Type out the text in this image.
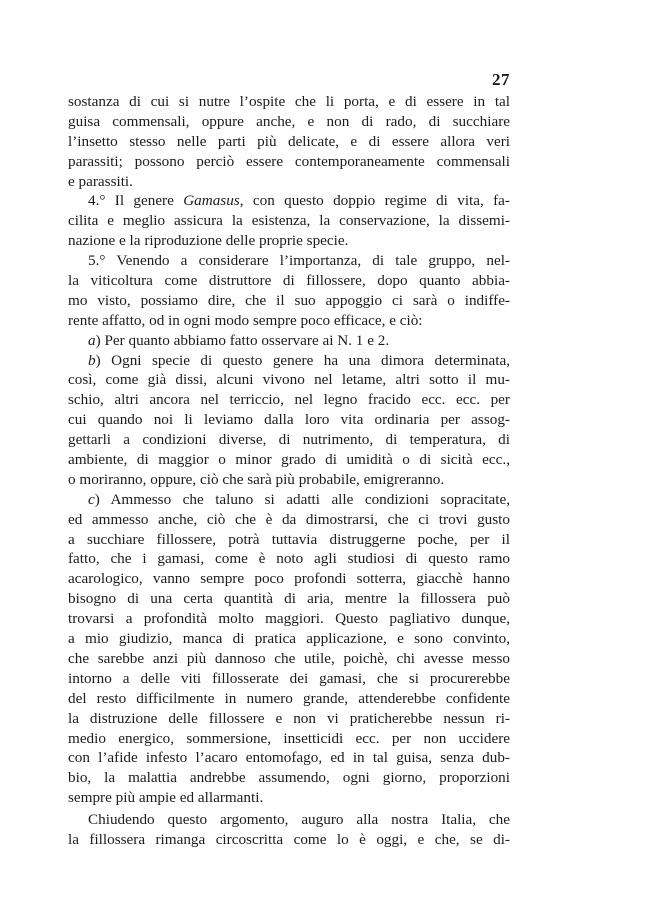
27
sostanza di cui si nutre l’ospite che li porta, e di essere in tal
guisa commensali, oppure anche, e non di rado, di succhiare
l’insetto stesso nelle parti più delicate, e di essere allora veri
parassiti; possono perciò essere contemporaneamente commensali
e parassiti.
4.° Il genere Gamasus, con questo doppio regime di vita, fa-
cilita e meglio assicura la esistenza, la conservazione, la dissemi-
nazione e la riproduzione delle proprie specie.
5.° Venendo a considerare l’importanza, di tale gruppo, nel-
la viticoltura come distruttore di fillossere, dopo quanto abbia-
mo visto, possiamo dire, che il suo appoggio ci sarà o indiffe-
rente affatto, od in ogni modo sempre poco efficace, e ciò:
a) Per quanto abbiamo fatto osservare ai N. 1 e 2.
b) Ogni specie di questo genere ha una dimora determinata,
così, come già dissi, alcuni vivono nel letame, altri sotto il mu-
schio, altri ancora nel terriccio, nel legno fracido ecc. ecc. per
cui quando noi li leviamo dalla loro vita ordinaria per assog-
gettarli a condizioni diverse, di nutrimento, di temperatura, di
ambiente, di maggior o minor grado di umidità o di sicità ecc.,
o moriranno, oppure, ciò che sarà più probabile, emigreranno.
c) Ammesso che taluno si adatti alle condizioni sopracitate,
ed ammesso anche, ciò che è da dimostrarsi, che ci trovi gusto
a succhiare fillossere, potrà tuttavia distruggerne poche, per il
fatto, che i gamasi, come è noto agli studiosi di questo ramo
acarologico, vanno sempre poco profondi sotterra, giacchè hanno
bisogno di una certa quantità di aria, mentre la fillossera può
trovarsi a profondità molto maggiori. Questo pagliativo dunque,
a mio giudizio, manca di pratica applicazione, e sono convinto,
che sarebbe anzi più dannoso che utile, poichè, chi avesse messo
intorno a delle viti fillosserate dei gamasi, che si procurerebbe
del resto difficilmente in numero grande, attenderebbe confidente
la distruzione delle fillossere e non vi praticherebbe nessun ri-
medio energico, sommersione, insetticidi ecc. per non uccidere
con l’afide infesto l’acaro entomofago, ed in tal guisa, senza dub-
bio, la malattia andrebbe assumendo, ogni giorno, proporzioni
sempre più ampie ed allarmanti.
Chiudendo questo argomento, auguro alla nostra Italia, che
la fillossera rimanga circoscritta come lo è oggi, e che, se di-
